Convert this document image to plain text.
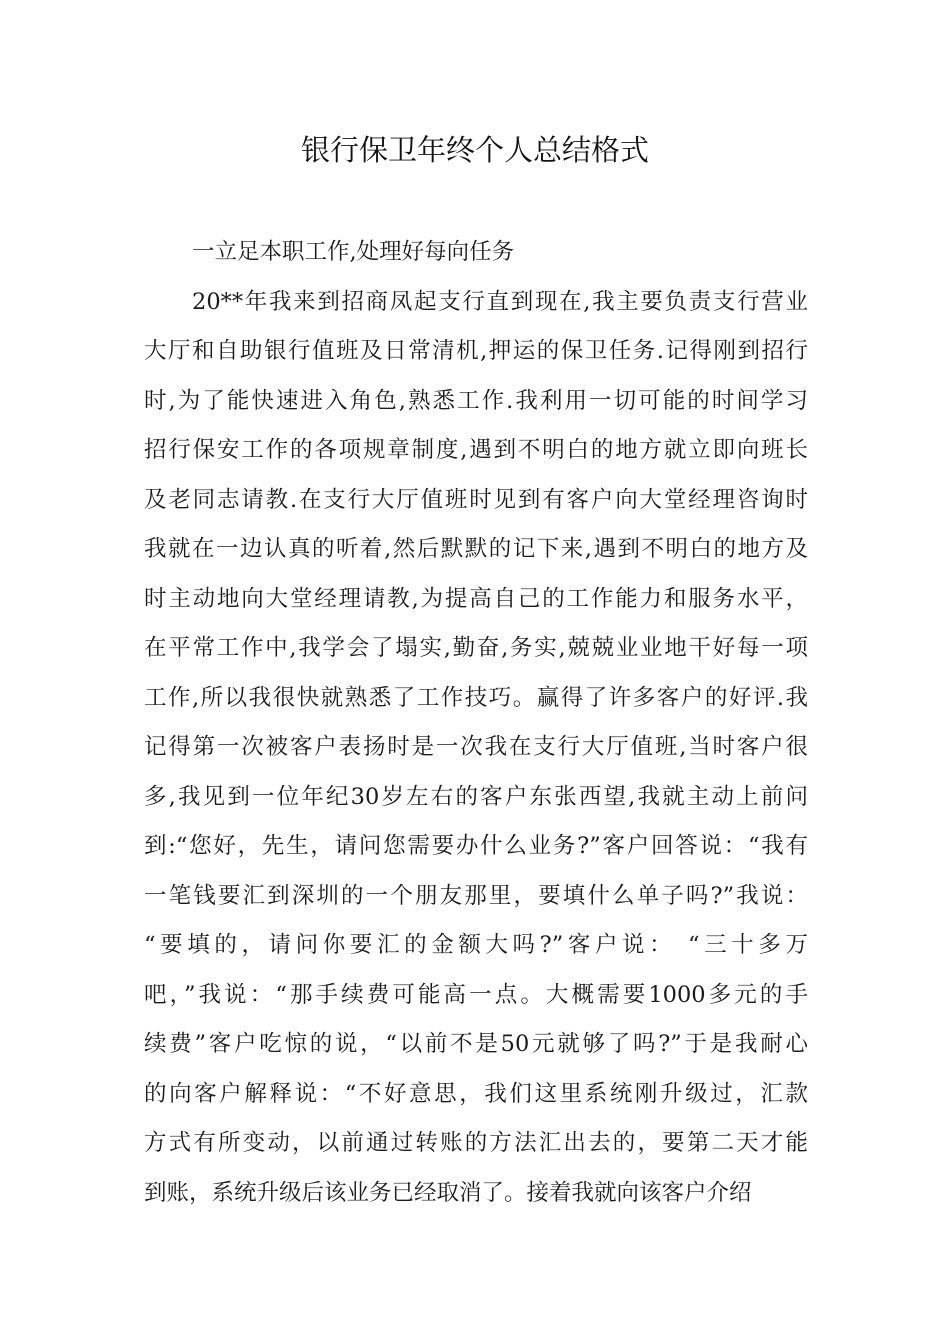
银行保卫年终个人总结格式
一立足本职工作,处理好每向任务
20**年我来到招商凤起支行直到现在,我主要负责支行营业
大厅和自助银行值班及日常清机,押运的保卫任务.记得刚到招行
时,为了能快速进入角色,熟悉工作.我利用一切可能的时间学习
招行保安工作的各项规章制度,遇到不明白的地方就立即向班长
及老同志请教.在支行大厅值班时见到有客户向大堂经理咨询时
我就在一边认真的听着,然后默默的记下来,遇到不明白的地方及
时主动地向大堂经理请教,为提高自己的工作能力和服务水平，
在平常工作中,我学会了塌实,勤奋,务实,兢兢业业地干好每一项
工作,所以我很快就熟悉了工作技巧。赢得了许多客户的好评.我
记得第一次被客户表扬时是一次我在支行大厅值班,当时客户很
多,我见到一位年纪30岁左右的客户东张西望,我就主动上前问
到:“您好，先生，请问您需要办什么业务?”客户回答说：“我有
一笔钱要汇到深圳的一个朋友那里，要填什么单子吗?”我说：
“要填的，请问你要汇的金额大吗?”客户说： “三十多万
吧，”我说：“那手续费可能高一点。大概需要1000多元的手
续费”客户吃惊的说，“以前不是50元就够了吗?”于是我耐心
的向客户解释说：“不好意思，我们这里系统刚升级过，汇款
方式有所变动，以前通过转账的方法汇出去的，要第二天才能
到账，系统升级后该业务已经取消了。接着我就向该客户介绍
